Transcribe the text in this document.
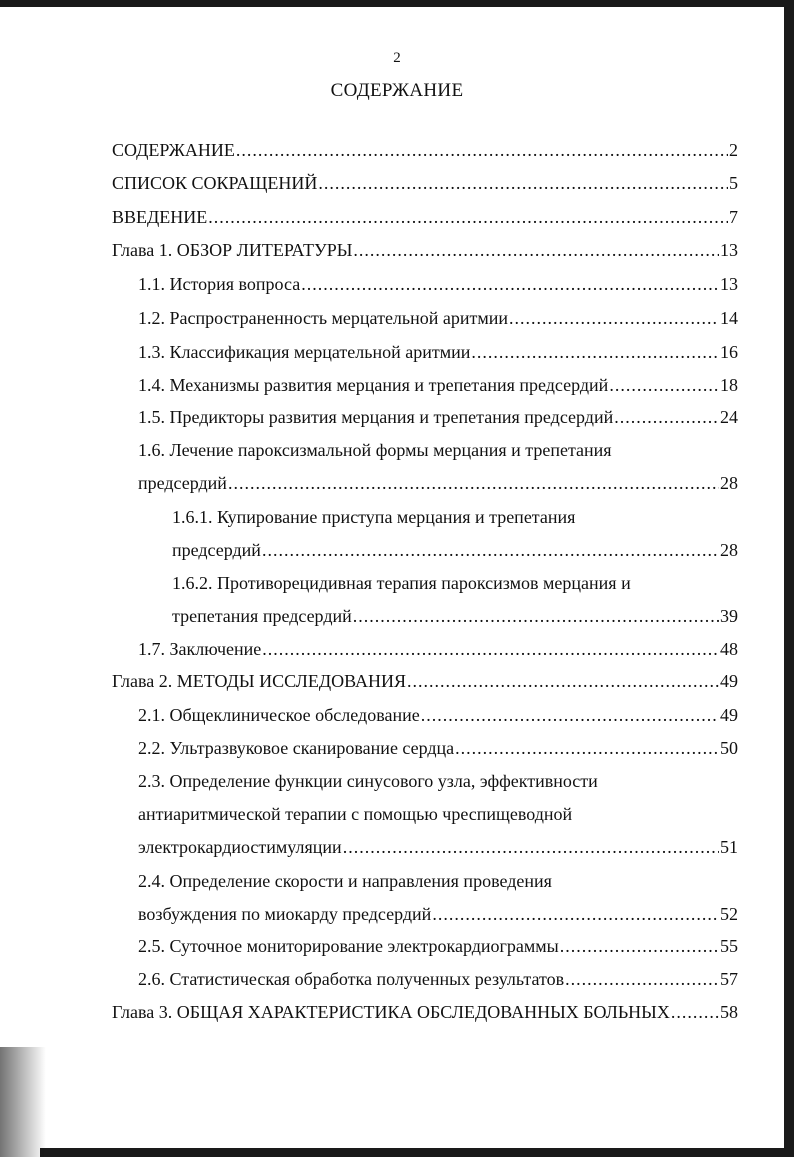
2
СОДЕРЖАНИЕ
СОДЕРЖАНИЕ .....	2
СПИСОК СОКРАЩЕНИЙ .....	5
ВВЕДЕНИЕ .....	7
Глава 1. ОБЗОР ЛИТЕРАТУРЫ .....	13
1.1. История вопроса .....	13
1.2. Распространенность мерцательной аритмии .....	14
1.3. Классификация мерцательной аритмии .....	16
1.4. Механизмы развития мерцания и трепетания предсердий .....	18
1.5. Предикторы развития мерцания и трепетания предсердий .....	24
1.6. Лечение пароксизмальной формы мерцания и трепетания
предсердий .....	28
1.6.1. Купирование приступа мерцания и трепетания
предсердий .....	28
1.6.2. Противорецидивная терапия пароксизмов мерцания и
трепетания предсердий .....	39
1.7. Заключение .....	48
Глава 2. МЕТОДЫ ИССЛЕДОВАНИЯ .....	49
2.1. Общеклиническое обследование .....	49
2.2. Ультразвуковое сканирование сердца .....	50
2.3. Определение функции синусового узла, эффективности
антиаритмической терапии с помощью чреспищеводной
электрокардиостимуляции .....	51
2.4. Определение скорости и направления проведения
возбуждения по миокарду предсердий .....	52
2.5. Суточное мониторирование электрокардиограммы .....	55
2.6. Статистическая обработка полученных результатов .....	57
Глава 3. ОБЩАЯ ХАРАКТЕРИСТИКА ОБСЛЕДОВАННЫХ БОЛЬНЫХ .....	58
